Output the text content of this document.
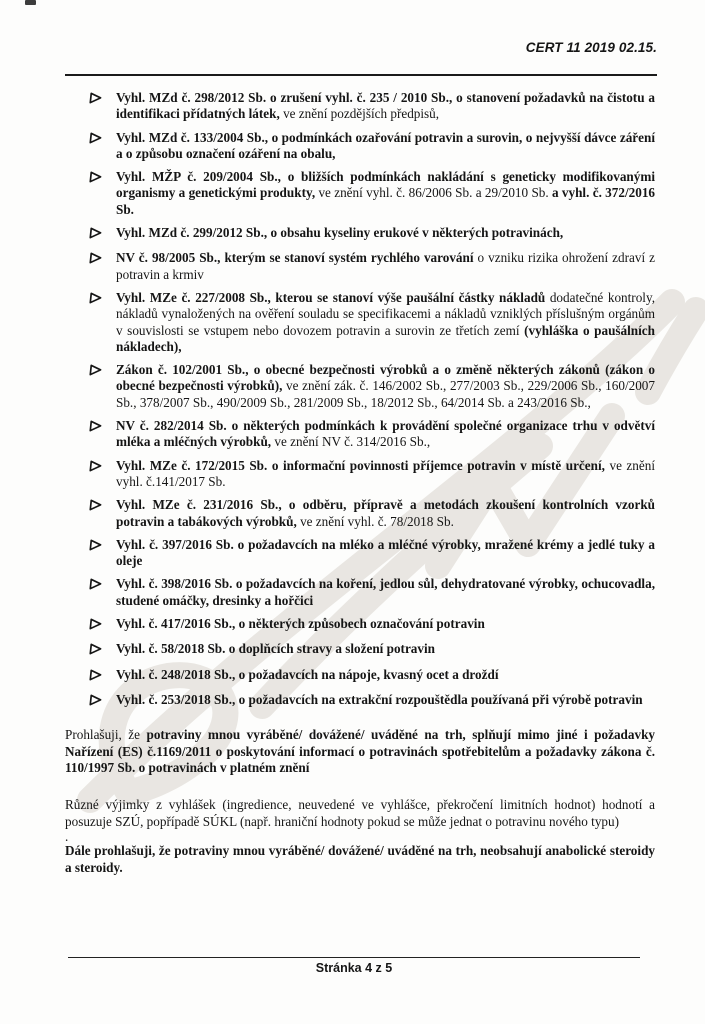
CERT 11 2019 02.15.
Vyhl. MZd č. 298/2012 Sb. o zrušení vyhl. č. 235 / 2010 Sb., o stanovení požadavků na čistotu a identifikaci přídatných látek, ve znění pozdějších předpisů,
Vyhl. MZd č. 133/2004 Sb., o podmínkách ozařování potravin a surovin, o nejvyšší dávce záření a o způsobu označení ozáření na obalu,
Vyhl. MŽP č. 209/2004 Sb., o bližších podmínkách nakládání s geneticky modifikovanými organismy a genetickými produkty, ve znění vyhl. č. 86/2006 Sb. a 29/2010 Sb. a vyhl. č. 372/2016 Sb.
Vyhl. MZd č. 299/2012 Sb., o obsahu kyseliny erukové v některých potravinách,
NV č. 98/2005 Sb., kterým se stanoví systém rychlého varování o vzniku rizika ohrožení zdraví z potravin a krmiv
Vyhl. MZe č. 227/2008 Sb., kterou se stanoví výše paušální částky nákladů dodatečné kontroly, nákladů vynaložených na ověření souladu se specifikacemi a nákladů vzniklých příslušným orgánům v souvislosti se vstupem nebo dovozem potravin a surovin ze třetích zemí (vyhláška o paušálních nákladech),
Zákon č. 102/2001 Sb., o obecné bezpečnosti výrobků a o změně některých zákonů (zákon o obecné bezpečnosti výrobků), ve znění zák. č. 146/2002 Sb., 277/2003 Sb., 229/2006 Sb., 160/2007 Sb., 378/2007 Sb., 490/2009 Sb., 281/2009 Sb., 18/2012 Sb., 64/2014 Sb. a 243/2016 Sb.,
NV č. 282/2014 Sb. o některých podmínkách k provádění společné organizace trhu v odvětví mléka a mléčných výrobků, ve znění NV č. 314/2016 Sb.,
Vyhl. MZe č. 172/2015 Sb. o informační povinnosti příjemce potravin v místě určení, ve znění vyhl. č.141/2017 Sb.
Vyhl. MZe č. 231/2016 Sb., o odběru, přípravě a metodách zkoušení kontrolních vzorků potravin a tabákových výrobků, ve znění vyhl. č. 78/2018 Sb.
Vyhl. č. 397/2016 Sb. o požadavcích na mléko a mléčné výrobky, mražené krémy a jedlé tuky a oleje
Vyhl. č. 398/2016 Sb. o požadavcích na koření, jedlou sůl, dehydratované výrobky, ochucovadla, studené omáčky, dresinky a hořčici
Vyhl. č. 417/2016 Sb., o některých způsobech označování potravin
Vyhl. č. 58/2018 Sb. o doplňcích stravy a složení potravin
Vyhl. č. 248/2018 Sb., o požadavcích na nápoje, kvasný ocet a droždí
Vyhl. č. 253/2018 Sb., o požadavcích na extrakční rozpouštědla používaná při výrobě potravin

Prohlašuji, že potraviny mnou vyráběné/ dovážené/ uváděné na trh, splňují mimo jiné i požadavky Nařízení (ES) č.1169/2011 o poskytování informací o potravinách spotřebitelům a požadavky zákona č. 110/1997 Sb. o potravinách v platném znění

Různé výjimky z vyhlášek (ingredience, neuvedené ve vyhlášce, překročení limitních hodnot) hodnotí a posuzuje SZÚ, popřípadě SÚKL (např. hraniční hodnoty pokud se může jednat o potravinu nového typu)

.

Dále prohlašuji, že potraviny mnou vyráběné/ dovážené/ uváděné na trh, neobsahují anabolické steroidy a steroidy.

Stránka 4 z 5
